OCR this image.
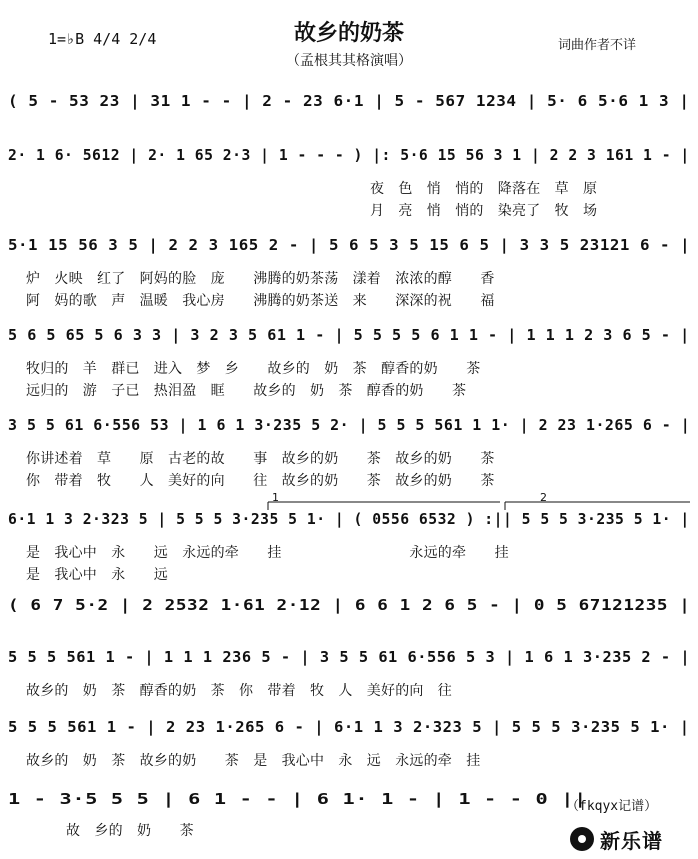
1=♭B 4/4 2/4	故乡的奶茶
（孟根其其格演唱）
词曲作者不详
1	2
( 5 - 53 23 | 31 1 - - | 2 - 23 6·1 | 5 - 567 1234 | 5· 6 5·6 1 3 |
2· 1 6· 5612 | 2· 1 65 2·3 | 1 - - - ) |: 5·6 15 56 3 1 | 2 2 3 161 1 - |
夜　色　悄　悄的　降落在　草　原
月　亮　悄　悄的　染亮了　牧　场
5·1 15 56 3 5 | 2 2 3 165 2 - | 5 6 5 3 5 15 6 5 | 3 3 5 23121 6 - |
炉　火映　红了　阿妈的脸　庞　　沸腾的奶茶荡　漾着　浓浓的醇　　香
阿　妈的歌　声　温暖　我心房　　沸腾的奶茶送　来　　深深的祝　　福
5 6 5 65 5 6 3 3 | 3 2 3 5 61 1 - | 5 5 5 5 6 1 1 - | 1 1 1 2 3 6 5 - |
牧归的　羊　群已　进入　梦　乡　　故乡的　奶　茶　醇香的奶　　茶
远归的　游　子已　热泪盈　眶　　故乡的　奶　茶　醇香的奶　　茶
3 5 5 61 6·556 53 | 1 6 1 3·235 5 2· | 5 5 5 561 1 1· | 2 23 1·265 6 - |
你讲述着　草　　原　古老的故　　事　故乡的奶　　茶　故乡的奶　　茶
你　带着　牧　　人　美好的向　　往　故乡的奶　　茶　故乡的奶　　茶
6·1 1 3 2·323 5 | 5 5 5 3·235 5 1· | ( 0556 6532 ) :|| 5 5 5 3·235 5 1· |
是　我心中　永　　远　永远的牵　　挂　　　　　　　　　永远的牵　　挂
是　我心中　永　　远
( 6 7 5·2 | 2 2532 1·61 2·12 | 6 6 1 2 6 5 - | 0 5 67121235 |
5 5 5 561 1 - | 1 1 1 236 5 - | 3 5 5 61 6·556 5 3 | 1 6 1 3·235 2 - |
故乡的　奶　茶　醇香的奶　茶　你　带着　牧　人　美好的向　往
5 5 5 561 1 - | 2 23 1·265 6 - | 6·1 1 3 2·323 5 | 5 5 5 3·235 5 1· |
故乡的　奶　茶　故乡的奶　　茶　是　我心中　永　远　永远的牵　挂
1 - 3·5 5 5 | 6 1 - - | 6 1· 1 - | 1 - - 0 ||
故　乡的　奶　　茶
（fkqyx记谱）
新乐谱
